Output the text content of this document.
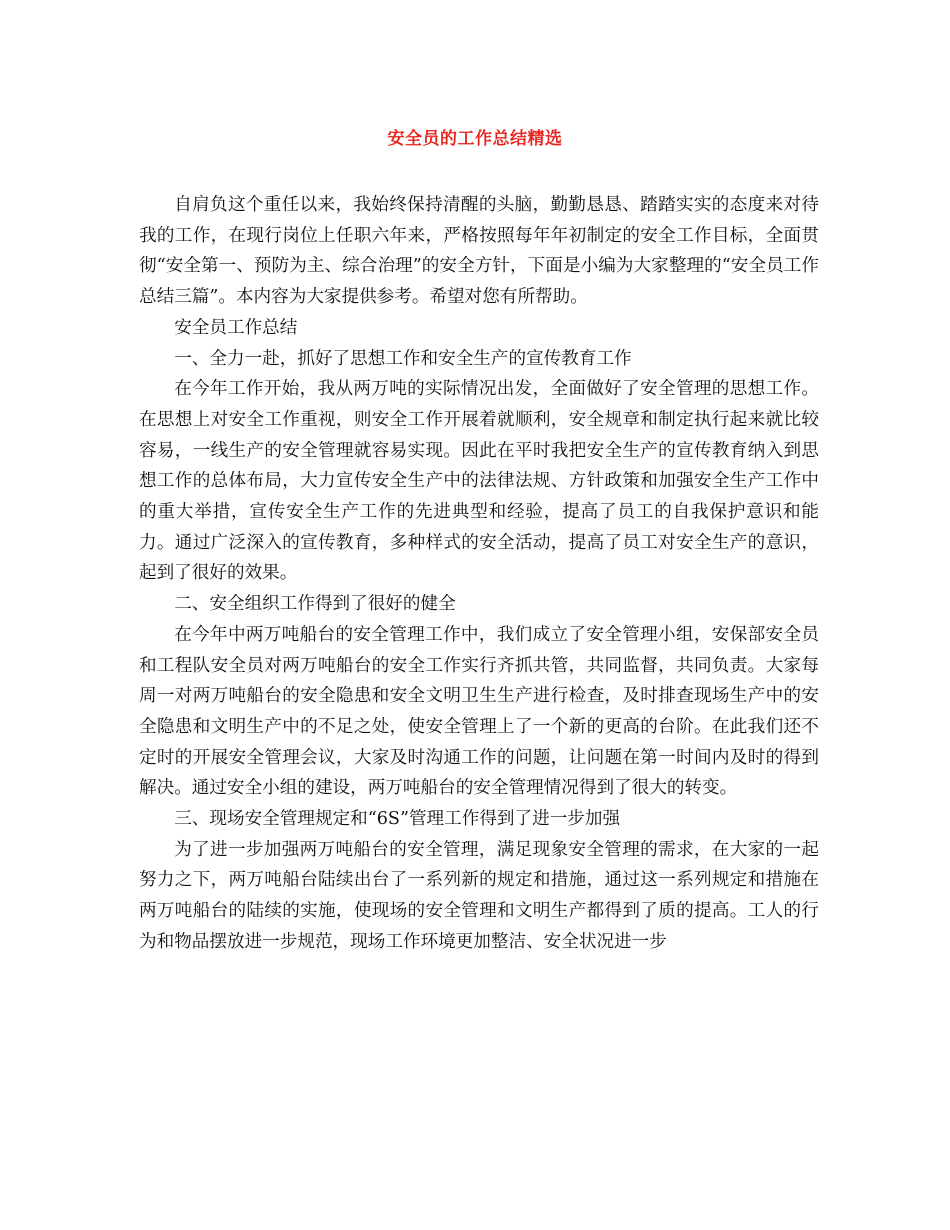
安全员的工作总结精选

自肩负这个重任以来，我始终保持清醒的头脑，勤勤恳恳、踏踏实实的态度来对待我的工作，在现行岗位上任职六年来，严格按照每年年初制定的安全工作目标，全面贯彻“安全第一、预防为主、综合治理”的安全方针，下面是小编为大家整理的“安全员工作总结三篇”。本内容为大家提供参考。希望对您有所帮助。

安全员工作总结

一、全力一赴，抓好了思想工作和安全生产的宣传教育工作

在今年工作开始，我从两万吨的实际情况出发，全面做好了安全管理的思想工作。在思想上对安全工作重视，则安全工作开展着就顺利，安全规章和制定执行起来就比较容易，一线生产的安全管理就容易实现。因此在平时我把安全生产的宣传教育纳入到思想工作的总体布局，大力宣传安全生产中的法律法规、方针政策和加强安全生产工作中的重大举措，宣传安全生产工作的先进典型和经验，提高了员工的自我保护意识和能力。通过广泛深入的宣传教育，多种样式的安全活动，提高了员工对安全生产的意识，起到了很好的效果。

二、安全组织工作得到了很好的健全

在今年中两万吨船台的安全管理工作中，我们成立了安全管理小组，安保部安全员和工程队安全员对两万吨船台的安全工作实行齐抓共管，共同监督，共同负责。大家每周一对两万吨船台的安全隐患和安全文明卫生生产进行检查，及时排查现场生产中的安全隐患和文明生产中的不足之处，使安全管理上了一个新的更高的台阶。在此我们还不定时的开展安全管理会议，大家及时沟通工作的问题，让问题在第一时间内及时的得到解决。通过安全小组的建设，两万吨船台的安全管理情况得到了很大的转变。

三、现场安全管理规定和“6S”管理工作得到了进一步加强

为了进一步加强两万吨船台的安全管理，满足现象安全管理的需求，在大家的一起努力之下，两万吨船台陆续出台了一系列新的规定和措施，通过这一系列规定和措施在两万吨船台的陆续的实施，使现场的安全管理和文明生产都得到了质的提高。工人的行为和物品摆放进一步规范，现场工作环境更加整洁、安全状况进一步
